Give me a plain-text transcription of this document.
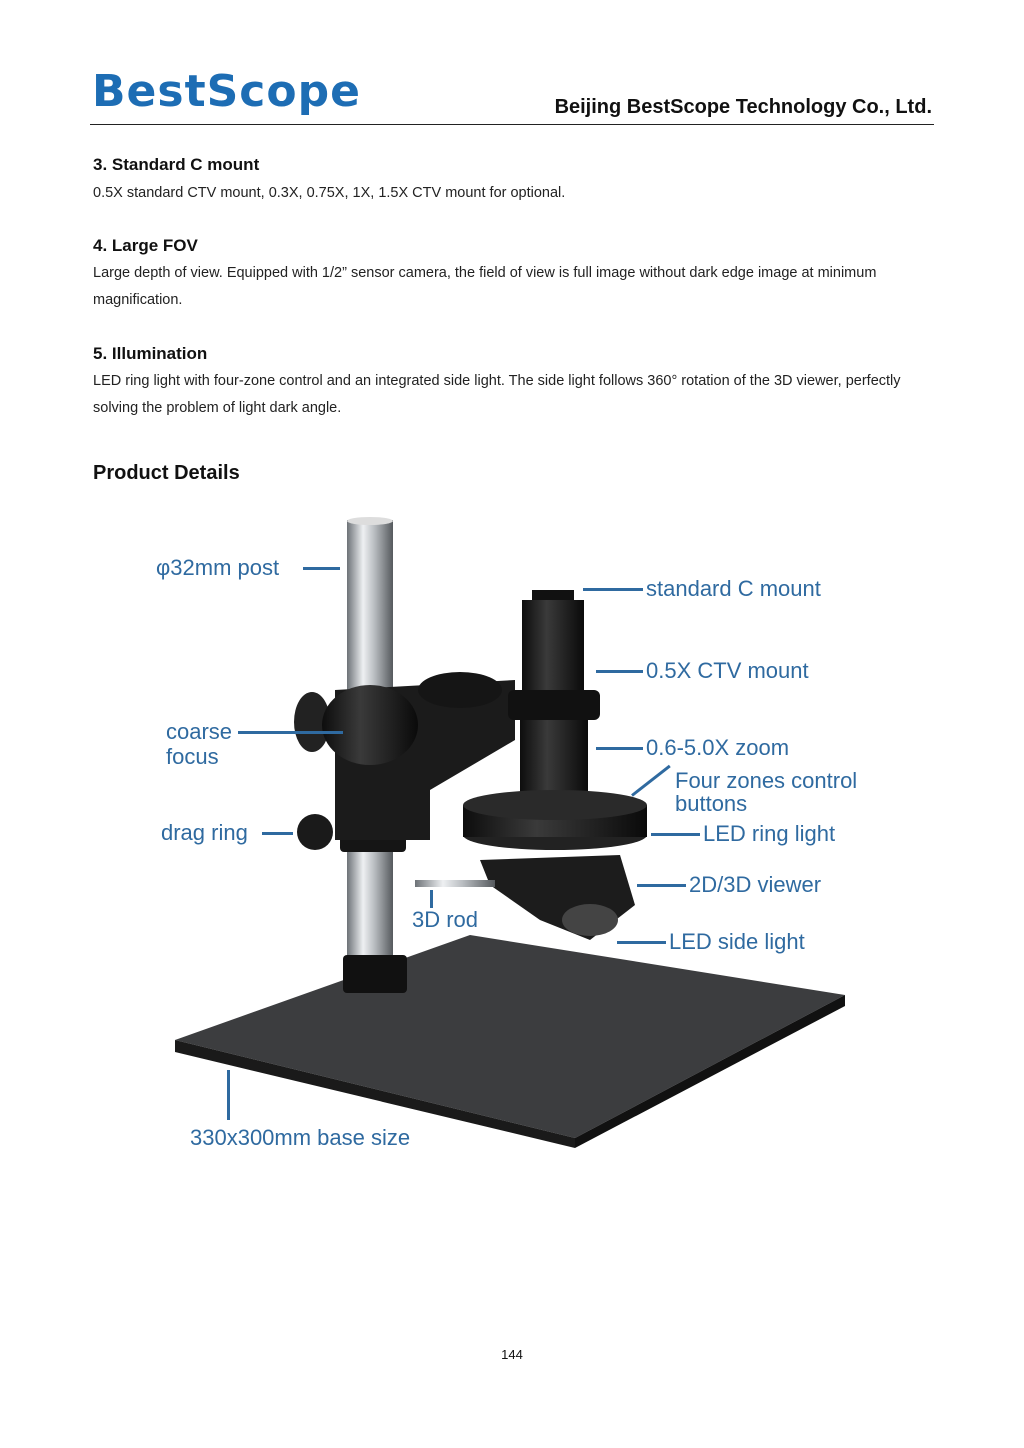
BestScope	Beijing BestScope Technology Co., Ltd.
3. Standard C mount
0.5X standard CTV mount, 0.3X, 0.75X, 1X, 1.5X CTV mount for optional.
4. Large FOV
Large depth of view. Equipped with 1/2” sensor camera, the field of view is full image without dark edge image at minimum magnification.
5. Illumination
LED ring light with four-zone control and an integrated side light. The side light follows 360° rotation of the 3D viewer, perfectly solving the problem of light dark angle.
Product Details
φ32mm post
standard C mount
0.5X CTV mount
coarse
focus	0.6-5.0X zoom
Four zones control
buttons
drag ring	LED ring light
2D/3D viewer
3D rod
LED side light
330x300mm base size
144
